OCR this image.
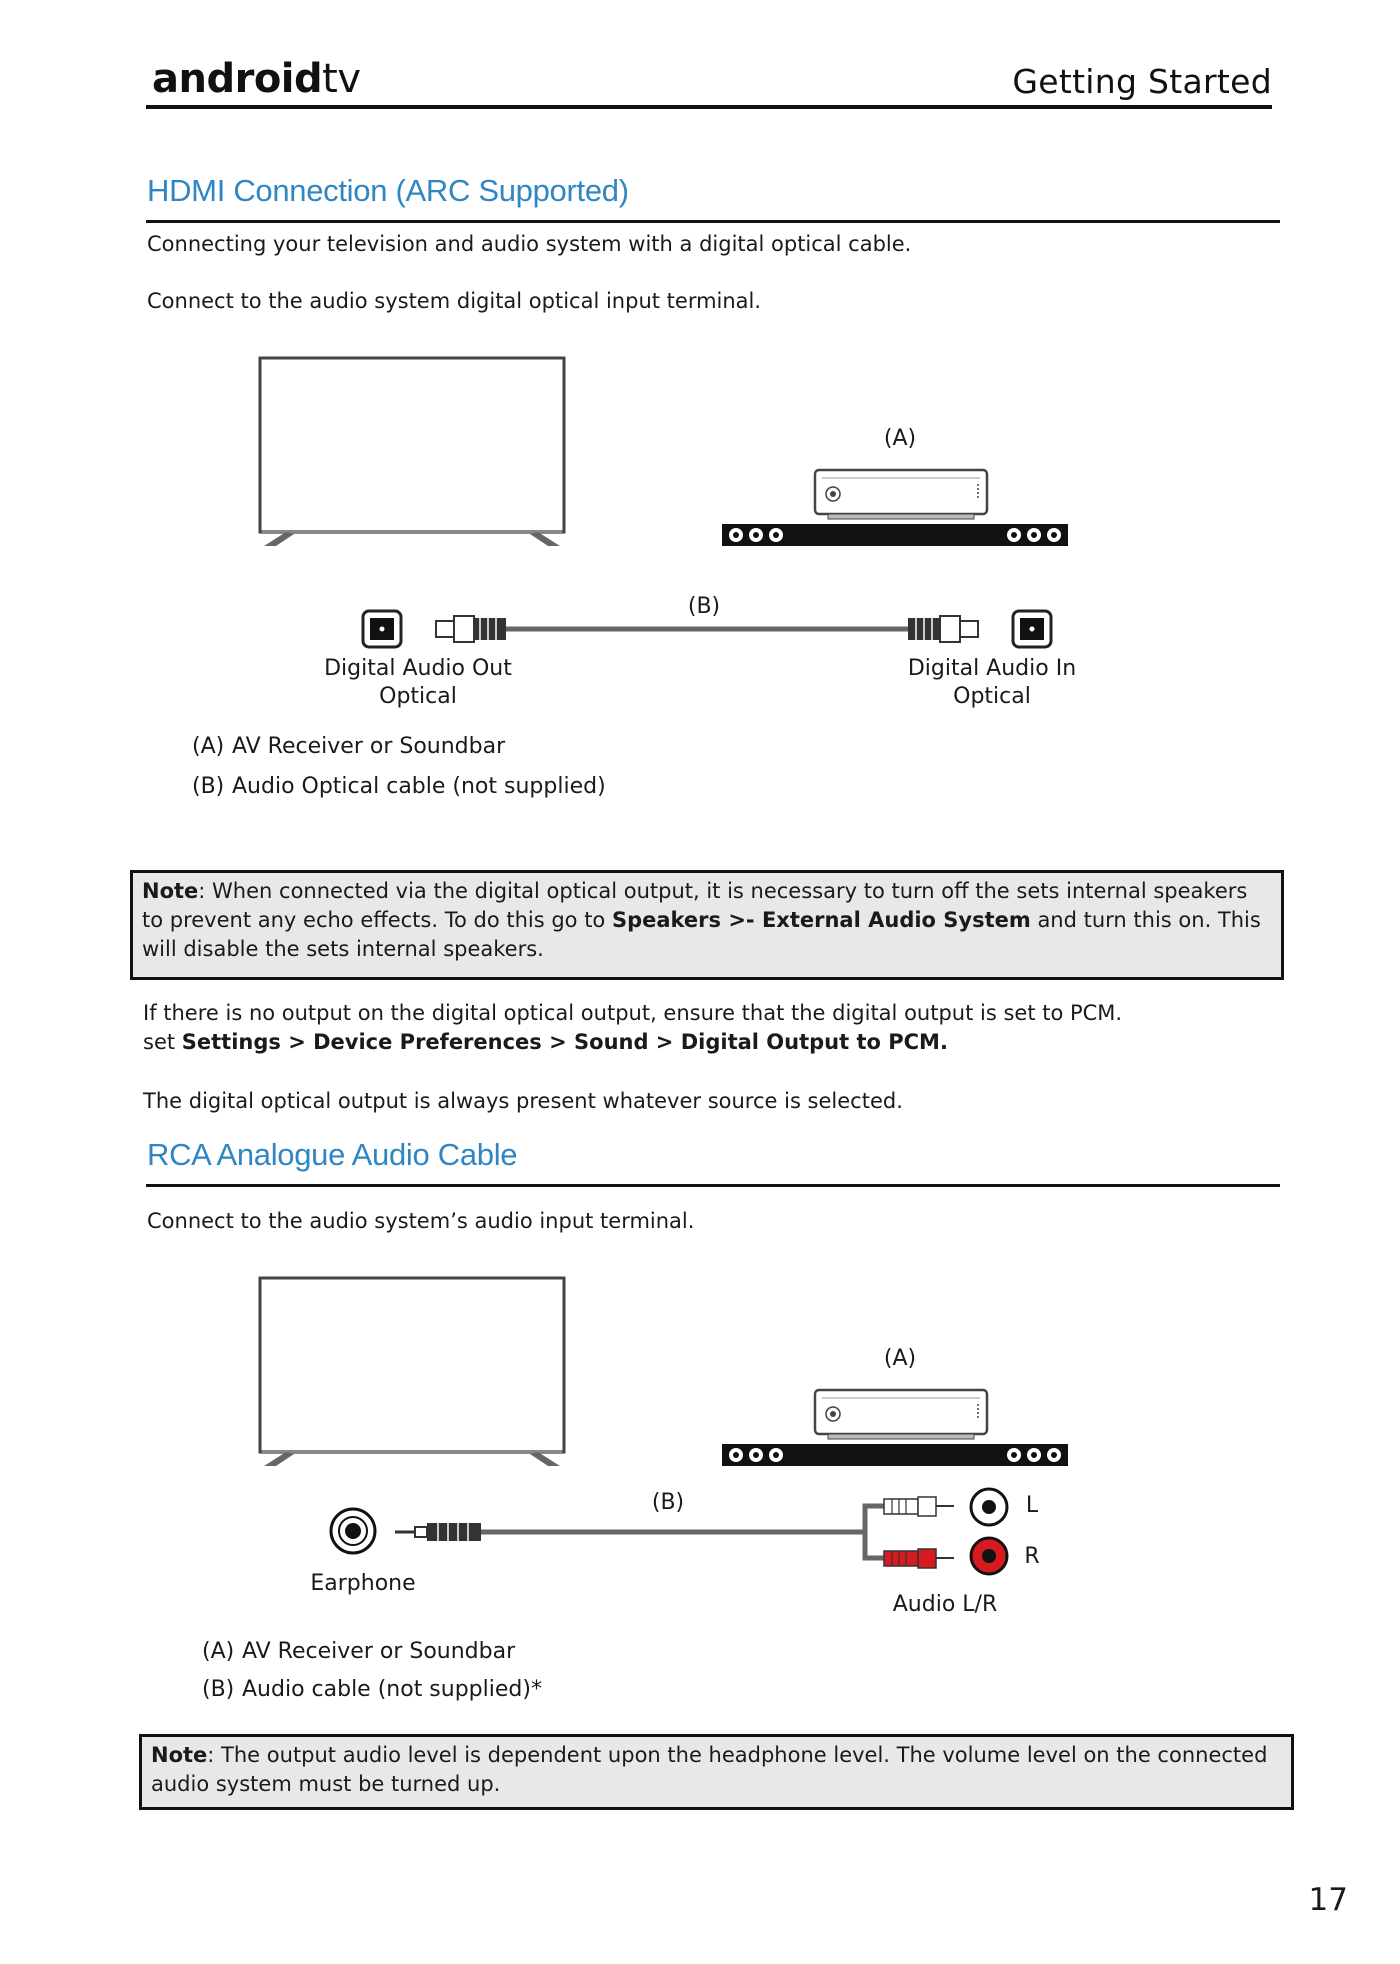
androidtv	Getting Started
HDMI Connection (ARC Supported)
Connecting your television and audio system with a digital optical cable.
Connect to the audio system digital optical input terminal.
(A)
(B)
Digital Audio Out
Optical
Digital Audio In
Optical
(A) AV Receiver or Soundbar
(B) Audio Optical cable (not supplied)
Note: When connected via the digital optical output, it is necessary to turn off the sets internal speakers to prevent any echo effects. To do this go to Speakers >- External Audio System and turn this on. This will disable the sets internal speakers.
If there is no output on the digital optical output, ensure that the digital output is set to PCM.
set Settings > Device Preferences > Sound > Digital Output to PCM.
The digital optical output is always present whatever source is selected.
RCA Analogue Audio Cable
Connect to the audio system’s audio input terminal.
(A)
(B)	L
R
Earphone
Audio L/R
(A) AV Receiver or Soundbar
(B) Audio cable (not supplied)*
Note: The output audio level is dependent upon the headphone level. The volume level on the connected audio system must be turned up.
17
